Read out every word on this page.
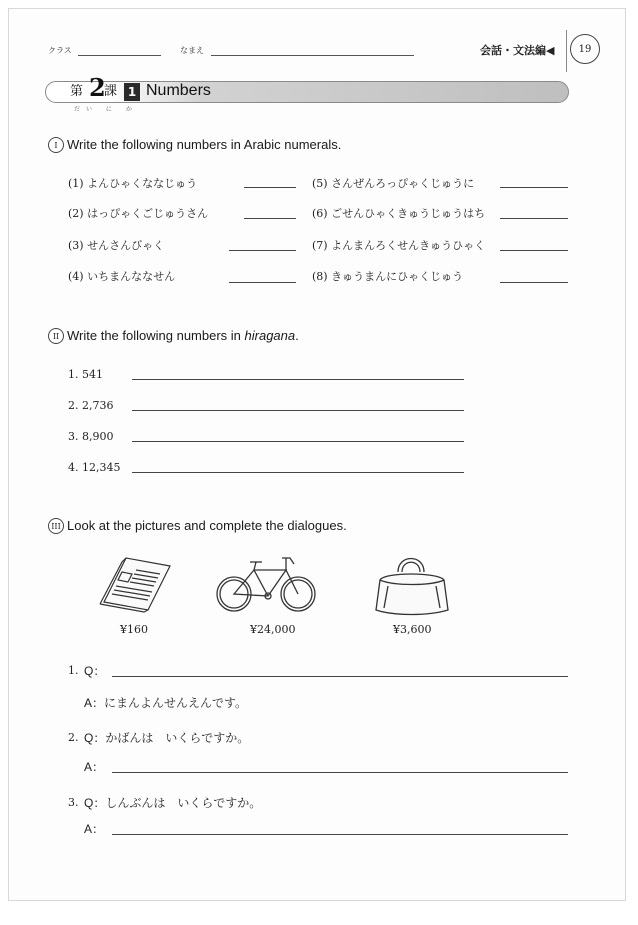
クラス	なまえ	会話・文法編◀	19
第 2
課
だい に か
1 Numbers
I Write the following numbers in Arabic numerals.
(1) よんひゃくななじゅう
(2) はっぴゃくごじゅうさん
(3) せんさんびゃく
(4) いちまんななせん
(5) さんぜんろっぴゃくじゅうに
(6) ごせんひゃくきゅうじゅうはち
(7) よんまんろくせんきゅうひゃく
(8) きゅうまんにひゃくじゅう
II Write the following numbers in hiragana.
1. 541
2. 2,736
3. 8,900
4. 12,345
III Look at the pictures and complete the dialogues.
¥160	¥24,000	¥3,600
1. Q：
A：にまんよんせんえんです。
2. Q：かばんは　いくらですか。
A：
3. Q：しんぶんは　いくらですか。
A：
